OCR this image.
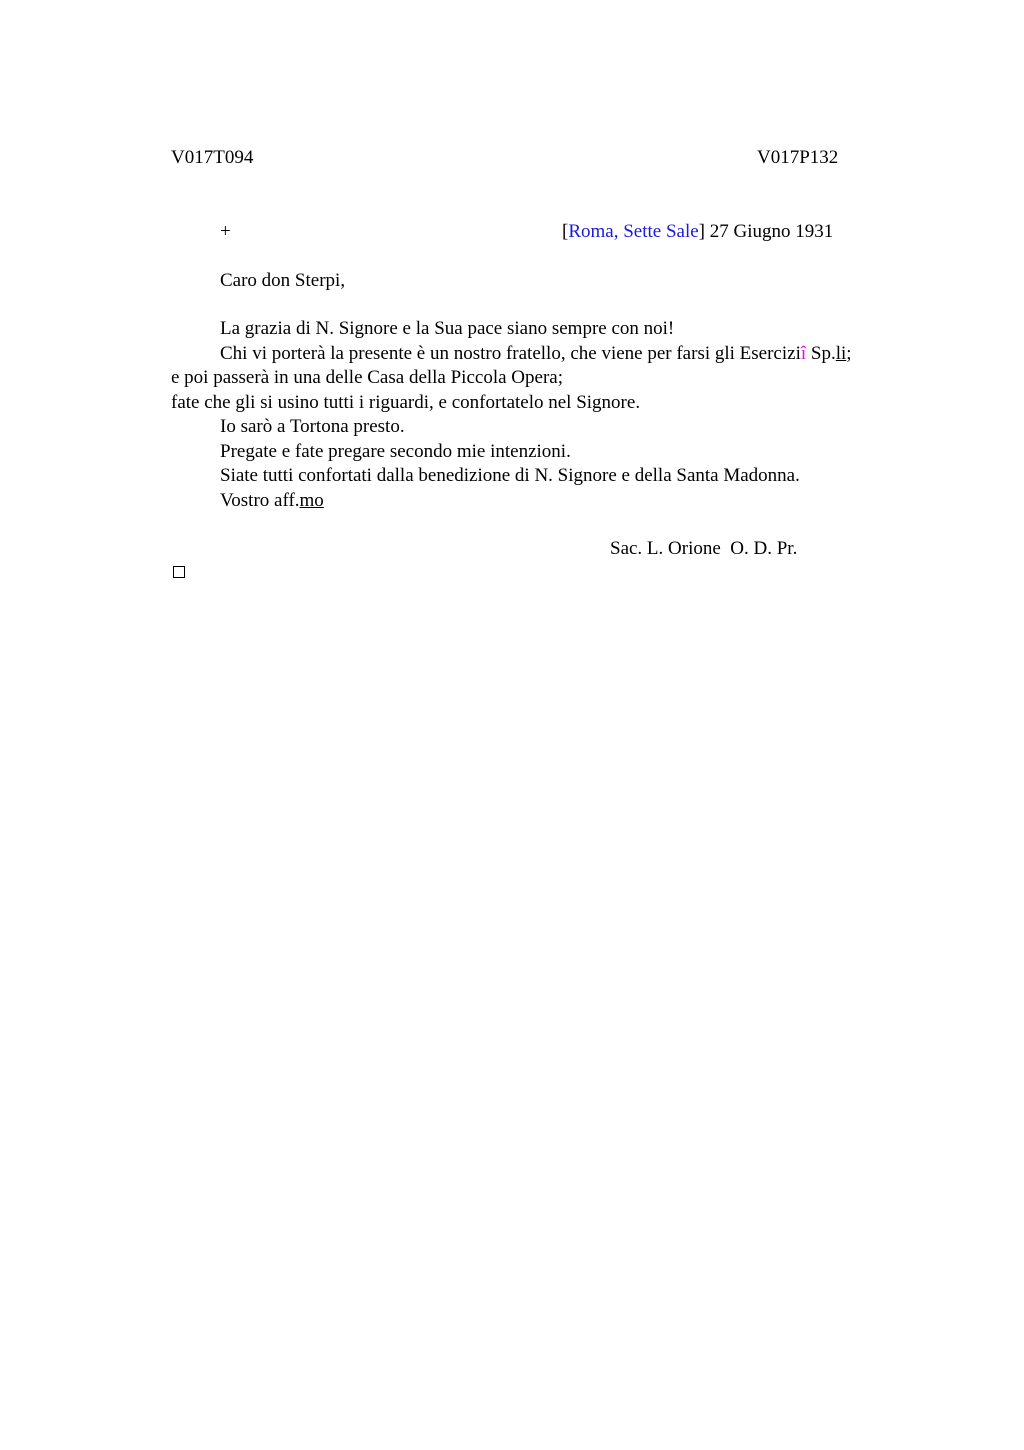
V017T094	V017P132
+	[Roma, Sette Sale] 27 Giugno 1931
Caro don Sterpi,
La grazia di N. Signore e la Sua pace siano sempre con noi!
Chi vi porterà la presente è un nostro fratello, che viene per farsi gli Eserciziî Sp.li;
e poi passerà in una delle Casa della Piccola Opera;
fate che gli si usino tutti i riguardi, e confortatelo nel Signore.
Io sarò a Tortona presto.
Pregate e fate pregare secondo mie intenzioni.
Siate tutti confortati dalla benedizione di N. Signore e della Santa Madonna.
Vostro aff.mo
Sac. L. Orione  O. D. Pr.
